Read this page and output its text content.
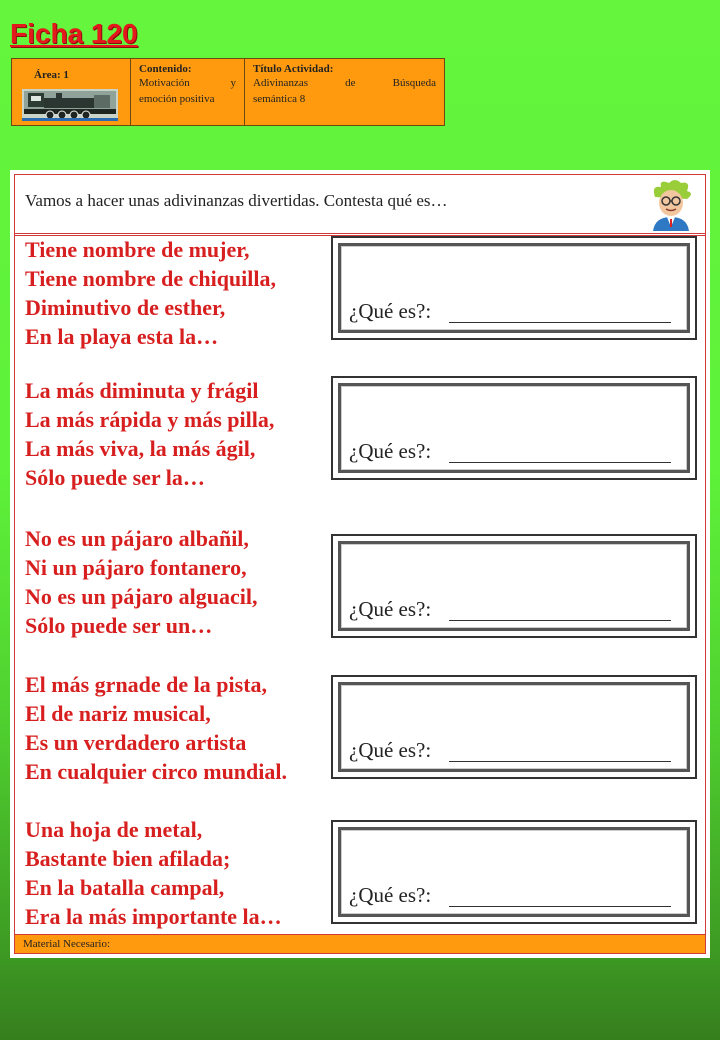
Ficha 120
Área: 1	Contenido:
Motivación y
emoción positiva
Título Actividad:
Adivinanzas de Búsqueda
semántica 8
Vamos a hacer unas adivinanzas divertidas. Contesta qué es…
Tiene nombre de mujer,
Tiene nombre de chiquilla,
Diminutivo de esther,
En la playa esta la…
¿Qué es?:
La más diminuta y frágil
La más rápida y más pilla,
La más viva, la más ágil,
Sólo puede ser la…
¿Qué es?:
No es un pájaro albañil,
Ni un pájaro fontanero,
No es un pájaro alguacil,
Sólo puede ser un…
¿Qué es?:
El más grnade de la pista,
El de nariz musical,
Es un verdadero artista
En cualquier circo mundial.
¿Qué es?:
Una hoja de metal,
Bastante bien afilada;
En la batalla campal,
Era la más importante la…
¿Qué es?:
Material Necesario:
